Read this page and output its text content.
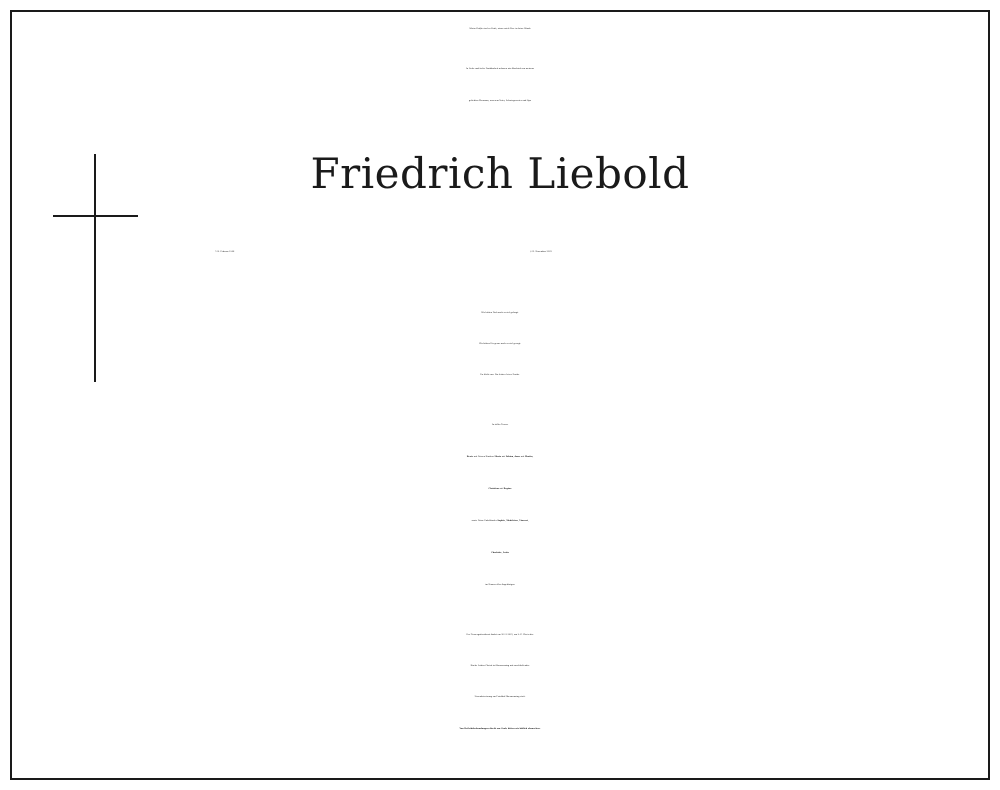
Meine Kräfte sind zu Ende, nimm mich Herr in deine Hände
In Liebe und tiefer Dankbarkeit nehmen wir Abschied von meinem
geliebten Ehemann, unserem Vater, Schwiegervater und Opa
Friedrich Liebold
* 09. Februar 1948	† 03. November 2023
Wir hätten Dich noch so viel gefragt.
Wir hätten Dir gerne noch so viel gesagt.
Du fehlst uns. Ein letztes leises Danke.
In stiller Trauer
Beate mit Deinen Kindern Maria mit Fabian, Anne mit Martin,
Christian mit Regina
sowie Deine Enkelkinder Sophie, Madeleine, Vincent,
Charlotte, Lotta
im Namen aller Angehörigen
Der Trauergottesdienst findet am 30.11.2023, um 9:15 Uhr in der
Kirche Leiden Christi in Obermenzing mit anschließender
Urnenbeisetzung am Friedhof Obermenzing statt.
Von Beileidsbekundungen direkt am Grab, bitten wir höflich abzusehen.
